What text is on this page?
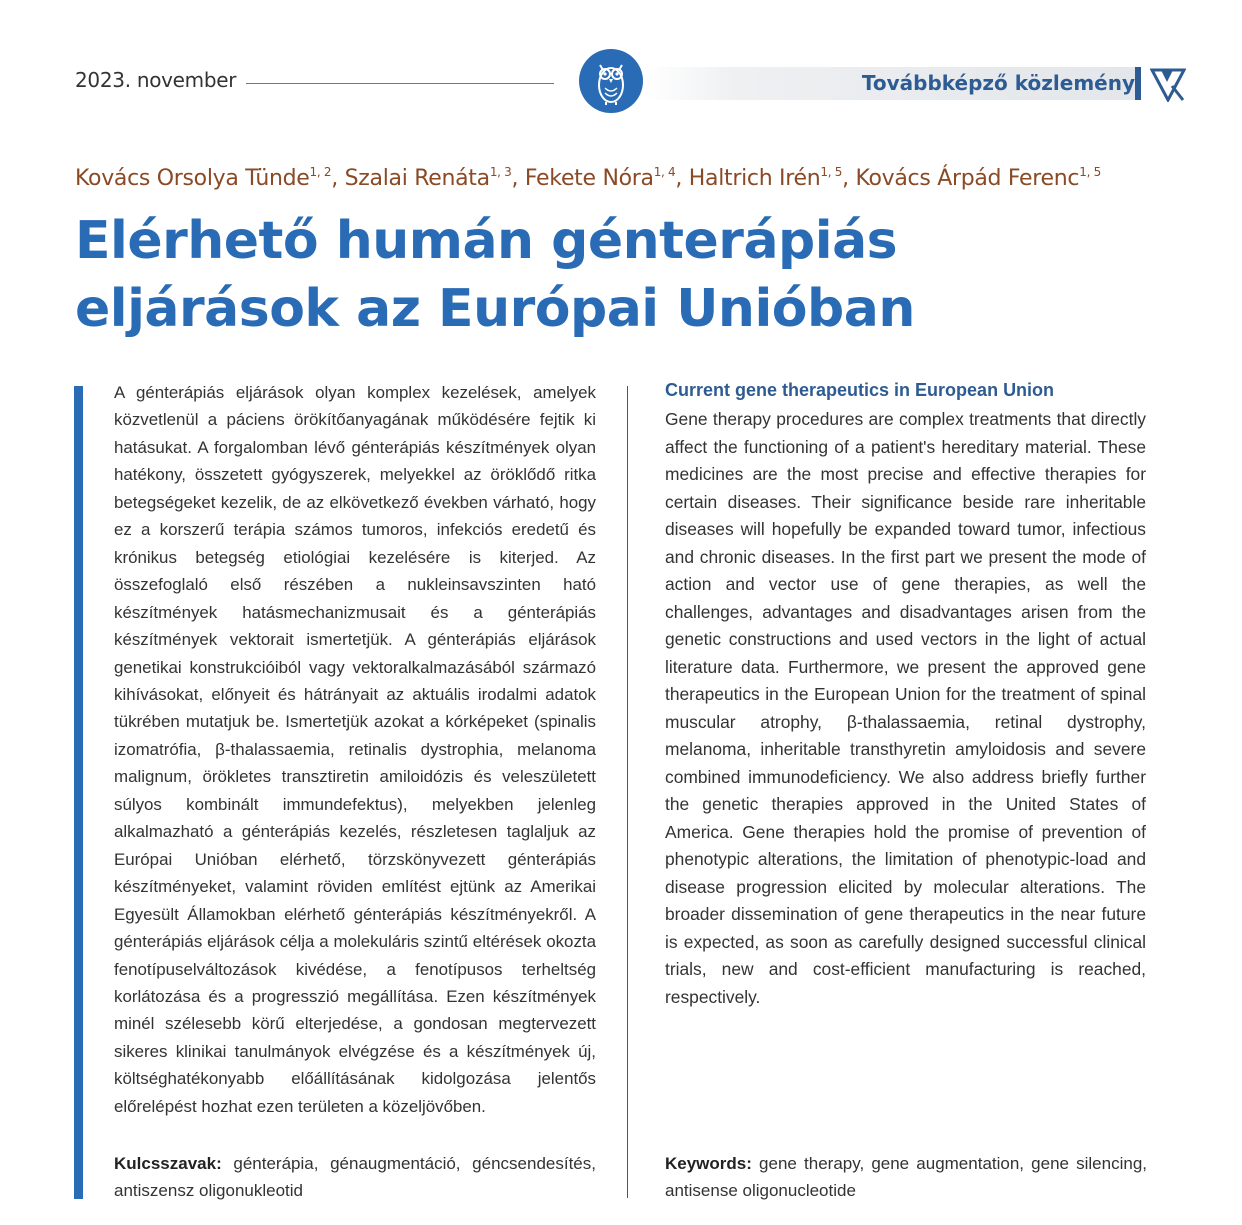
2023. november	Továbbképző közlemény
Kovács Orsolya Tünde$^{1, 2}$, Szalai Renáta$^{1, 3}$, Fekete Nóra$^{1, 4}$, Haltrich Irén$^{1, 5}$, Kovács Árpád Ferenc$^{1, 5}$
Elérhető humán génterápiás
eljárások az Európai Unióban

A génterápiás eljárások olyan komplex kezelések, amelyek közvetlenül a páciens örökítőanyagának működésére fejtik ki hatásukat. A forgalomban lévő génterápiás készítmények olyan hatékony, összetett gyógyszerek, melyekkel az öröklődő ritka betegségeket kezelik, de az elkövetkező években várható, hogy ez a korszerű terápia számos tumoros, infekciós eredetű és krónikus betegség etiológiai kezelésére is kiterjed. Az összefoglaló első részében a nukleinsavszinten ható készítmények hatásmechanizmusait és a génterápiás készítmények vektorait ismertetjük. A génterápiás eljárások genetikai konstrukcióiból vagy vektoralkalmazásából származó kihívásokat, előnyeit és hátrányait az aktuális irodalmi adatok tükrében mutatjuk be. Ismertetjük azokat a kórképeket (spinalis izomatrófia, β-thalassaemia, retinalis dystrophia, melanoma malignum, örökletes transztiretin amiloidózis és veleszületett súlyos kombinált immundefektus), melyekben jelenleg alkalmazható a génterápiás kezelés, részletesen taglaljuk az Európai Unióban elérhető, törzskönyvezett génterápiás készítményeket, valamint röviden említést ejtünk az Amerikai Egyesült Államokban elérhető génterápiás készítményekről. A génterápiás eljárások célja a molekuláris szintű eltérések okozta fenotípuselváltozások kivédése, a fenotípusos terheltség korlátozása és a progresszió megállítása. Ezen készítmények minél szélesebb körű elterjedése, a gondosan megtervezett sikeres klinikai tanulmányok elvégzése és a készítmények új, költséghatékonyabb előállításának kidolgozása jelentős előrelépést hozhat ezen területen a közeljövőben.

Current gene therapeutics in European Union

Gene therapy procedures are complex treatments that directly affect the functioning of a patient's hereditary material. These medicines are the most precise and effective therapies for certain diseases. Their significance beside rare inheritable diseases will hopefully be expanded toward tumor, infectious and chronic diseases. In the first part we present the mode of action and vector use of gene therapies, as well the challenges, advantages and disadvantages arisen from the genetic constructions and used vectors in the light of actual literature data. Furthermore, we present the approved gene therapeutics in the European Union for the treatment of spinal muscular atrophy, β-thalassaemia, retinal dystrophy, melanoma, inheritable transthyretin amyloidosis and severe combined immunodeficiency. We also address briefly further the genetic therapies approved in the United States of America. Gene therapies hold the promise of prevention of phenotypic alterations, the limitation of phenotypic-load and disease progression elicited by molecular alterations. The broader dissemination of gene therapeutics in the near future is expected, as soon as carefully designed successful clinical trials, new and cost-efficient manufacturing is reached, respectively.

Kulcsszavak: génterápia, génaugmentáció, géncsendesítés, antiszensz oligonukleotid

Keywords: gene therapy, gene augmentation, gene silencing, antisense oligonucleotide
